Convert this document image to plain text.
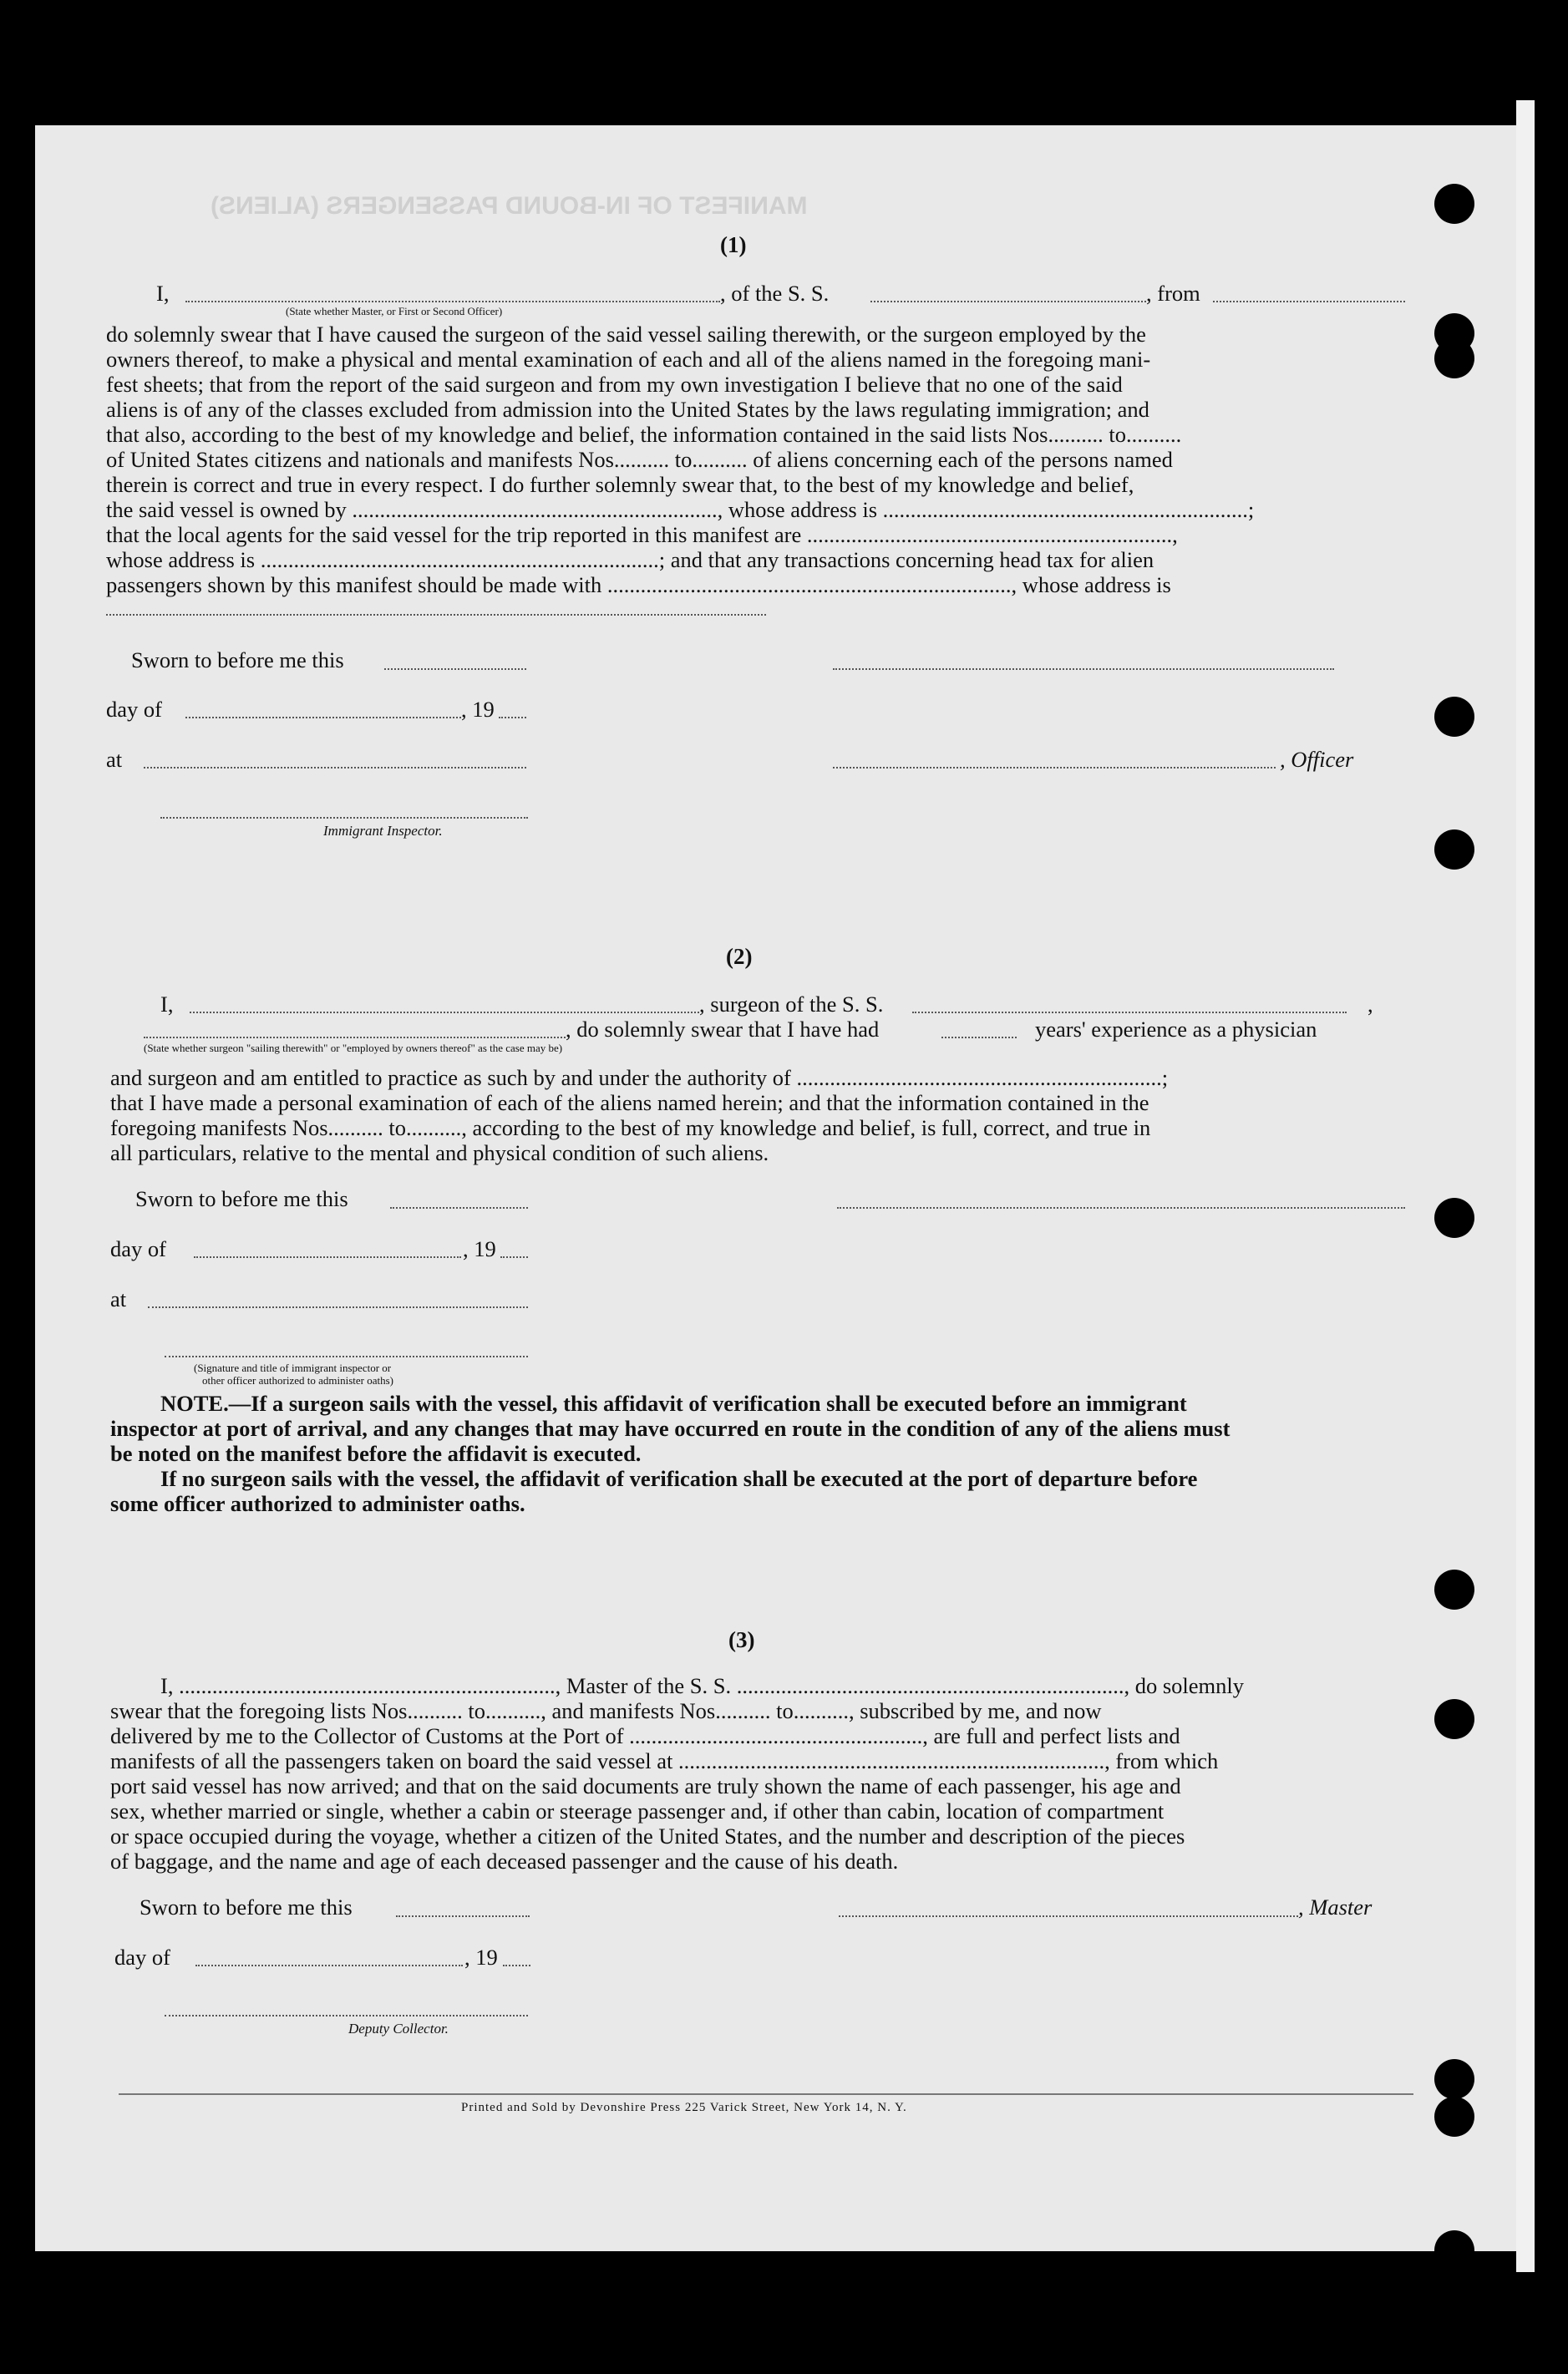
MANIFEST OF IN-BOUND PASSENGERS (ALIENS)
(1)
I,	, of the S. S.	, from
(State whether Master, or First or Second Officer)
do solemnly swear that I have caused the surgeon of the said vessel sailing therewith, or the surgeon employed by the
owners thereof, to make a physical and mental examination of each and all of the aliens named in the foregoing mani-
fest sheets; that from the report of the said surgeon and from my own investigation I believe that no one of the said
aliens is of any of the classes excluded from admission into the United States by the laws regulating immigration; and
that also, according to the best of my knowledge and belief, the information contained in the said lists Nos.......... to..........
of United States citizens and nationals and manifests Nos.......... to.......... of aliens concerning each of the persons named
therein is correct and true in every respect. I do further solemnly swear that, to the best of my knowledge and belief,
the said vessel is owned by .................................................................., whose address is ..................................................................;
that the local agents for the said vessel for the trip reported in this manifest are ..................................................................,
whose address is ........................................................................; and that any transactions concerning head tax for alien
passengers shown by this manifest should be made with ........................................................................., whose address is
Sworn to before me this
day of	, 19
at	, Officer
Immigrant Inspector.
(2)
I,	, surgeon of the S. S.	,
, do solemnly swear that I have had	years' experience as a physician
(State whether surgeon "sailing therewith" or "employed by owners thereof" as the case may be)
and surgeon and am entitled to practice as such by and under the authority of ..................................................................;
that I have made a personal examination of each of the aliens named herein; and that the information contained in the
foregoing manifests Nos.......... to.........., according to the best of my knowledge and belief, is full, correct, and true in
all particulars, relative to the mental and physical condition of such aliens.
Sworn to before me this
day of	, 19
at
(Signature and title of immigrant inspector or
other officer authorized to administer oaths)
NOTE.—If a surgeon sails with the vessel, this affidavit of verification shall be executed before an immigrant
inspector at port of arrival, and any changes that may have occurred en route in the condition of any of the aliens must
be noted on the manifest before the affidavit is executed.
If no surgeon sails with the vessel, the affidavit of verification shall be executed at the port of departure before
some officer authorized to administer oaths.
(3)
I, ...................................................................., Master of the S. S. ......................................................................, do solemnly
swear that the foregoing lists Nos.......... to.........., and manifests Nos.......... to.........., subscribed by me, and now
delivered by me to the Collector of Customs at the Port of ....................................................., are full and perfect lists and
manifests of all the passengers taken on board the said vessel at ............................................................................., from which
port said vessel has now arrived; and that on the said documents are truly shown the name of each passenger, his age and
sex, whether married or single, whether a cabin or steerage passenger and, if other than cabin, location of compartment
or space occupied during the voyage, whether a citizen of the United States, and the number and description of the pieces
of baggage, and the name and age of each deceased passenger and the cause of his death.
Sworn to before me this	, Master
day of	, 19
Deputy Collector.
Printed and Sold by Devonshire Press 225 Varick Street, New York 14, N. Y.
